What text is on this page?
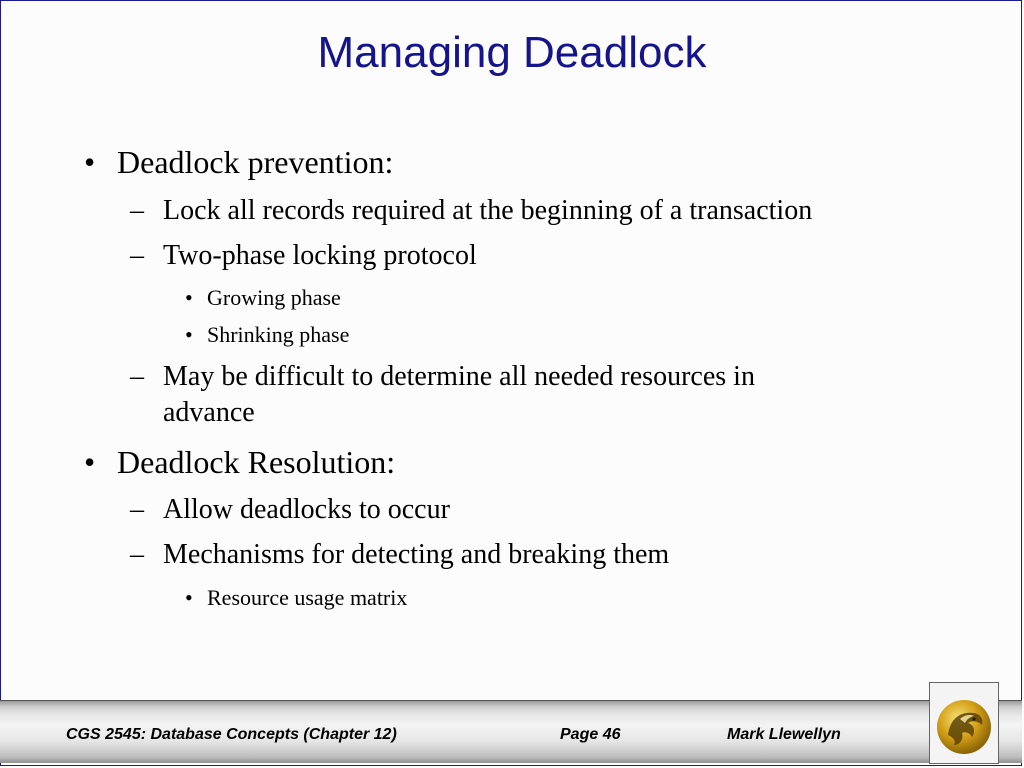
Managing Deadlock
• Deadlock prevention:
– Lock all records required at the beginning of a transaction
– Two-phase locking protocol
• Growing phase
• Shrinking phase
– May be difficult to determine all needed resources in
advance
• Deadlock Resolution:
– Allow deadlocks to occur
– Mechanisms for detecting and breaking them
• Resource usage matrix
CGS 2545: Database Concepts (Chapter 12)	Page 46	Mark Llewellyn
